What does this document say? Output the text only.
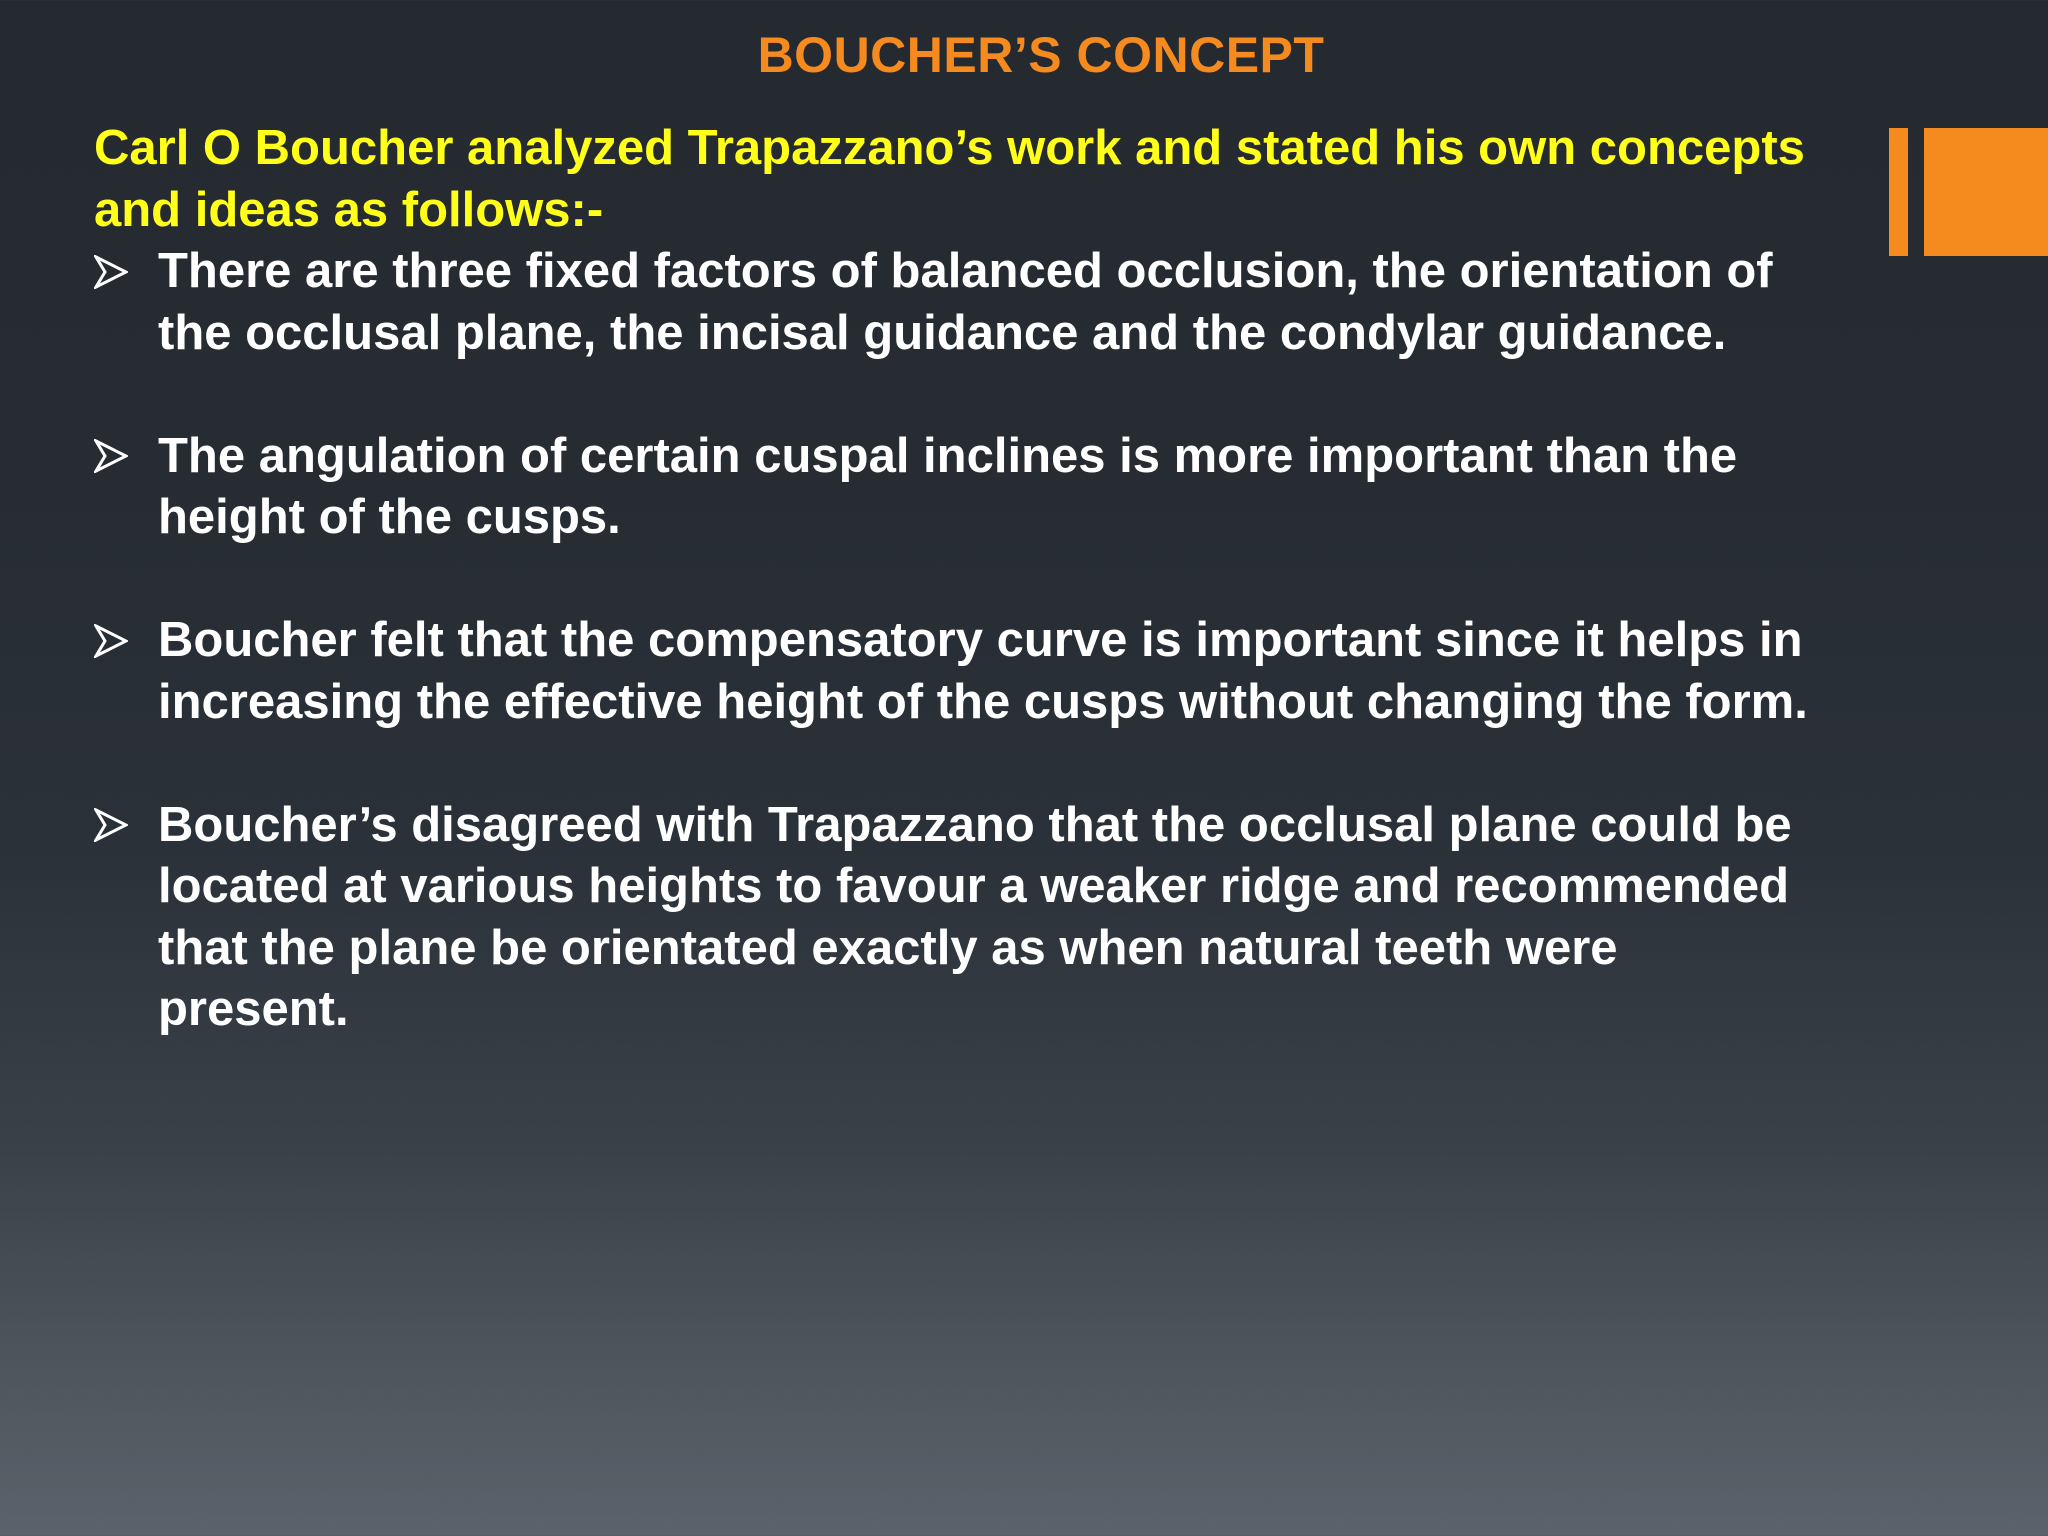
BOUCHER’S CONCEPT

Carl O Boucher analyzed Trapazzano’s work and stated his own concepts and ideas as follows:-

There are three fixed factors of balanced occlusion, the orientation of the occlusal plane, the incisal guidance and the condylar guidance.
The angulation of certain cuspal inclines is more important than the height of the cusps.
Boucher felt that the compensatory curve is important since it helps in increasing the effective height of the cusps without changing the form.
Boucher’s disagreed with Trapazzano that the occlusal plane could be located at various heights to favour a weaker ridge and recommended that the plane be orientated exactly as when natural teeth were present.
